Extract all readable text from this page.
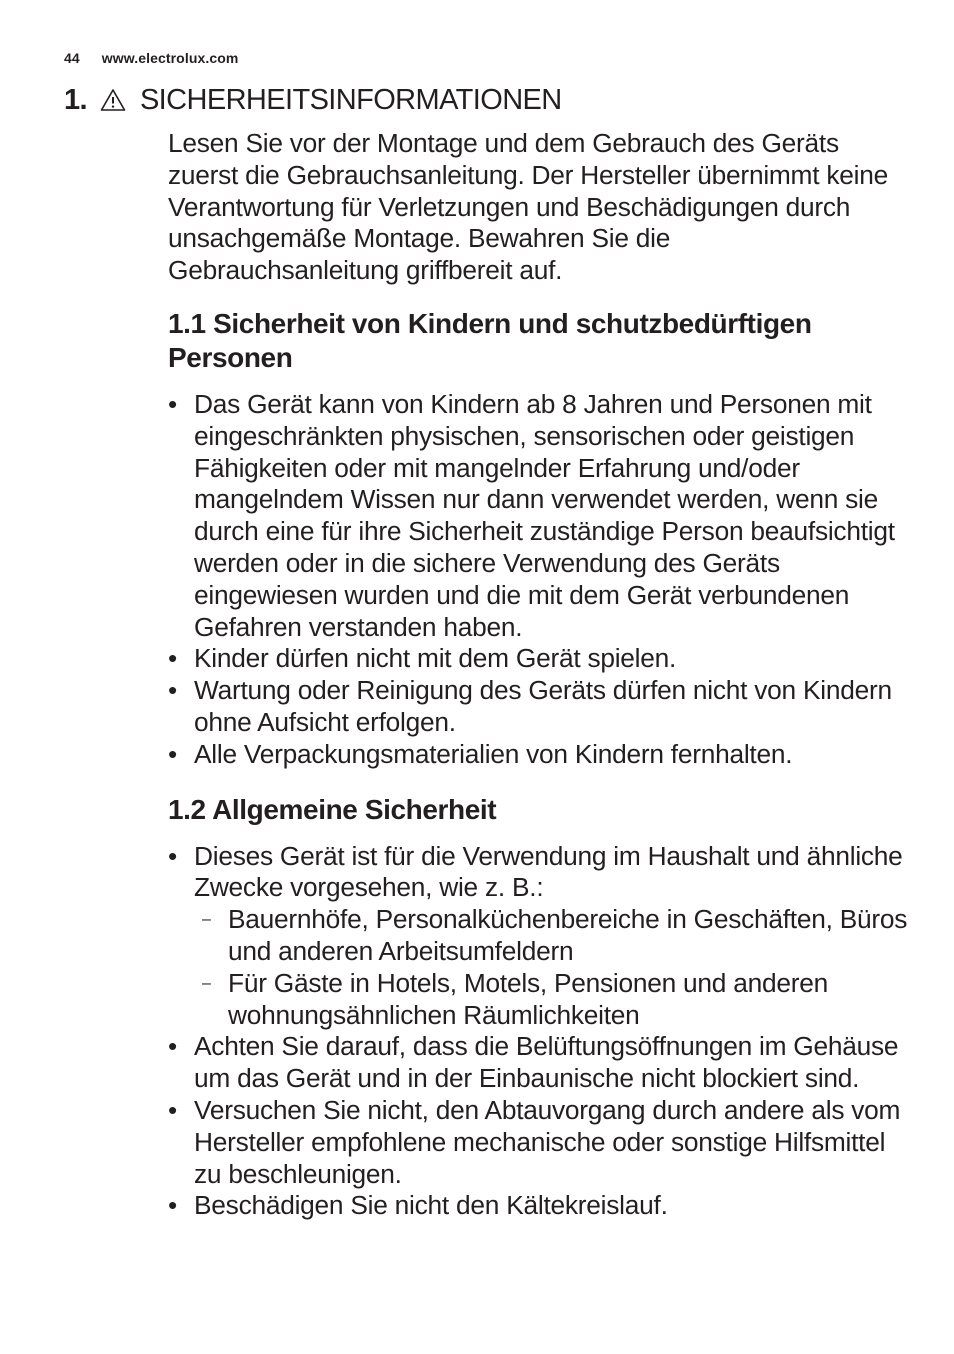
44 www.electrolux.com
1. SICHERHEITSINFORMATIONEN

Lesen Sie vor der Montage und dem Gebrauch des Geräts zuerst die Gebrauchsanleitung. Der Hersteller übernimmt keine Verantwortung für Verletzungen und Beschädigungen durch unsachgemäße Montage. Bewahren Sie die Gebrauchsanleitung griffbereit auf.

1.1 Sicherheit von Kindern und schutzbedürftigen Personen
• Das Gerät kann von Kindern ab 8 Jahren und Personen mit eingeschränkten physischen, sensorischen oder geistigen Fähigkeiten oder mit mangelnder Erfahrung und/oder mangelndem Wissen nur dann verwendet werden, wenn sie durch eine für ihre Sicherheit zuständige Person beaufsichtigt werden oder in die sichere Verwendung des Geräts eingewiesen wurden und die mit dem Gerät verbundenen Gefahren verstanden haben.
• Kinder dürfen nicht mit dem Gerät spielen.
• Wartung oder Reinigung des Geräts dürfen nicht von Kindern ohne Aufsicht erfolgen.
• Alle Verpackungsmaterialien von Kindern fernhalten.
1.2 Allgemeine Sicherheit
• Dieses Gerät ist für die Verwendung im Haushalt und ähnliche Zwecke vorgesehen, wie z. B.:
– Bauernhöfe, Personalküchenbereiche in Geschäften, Büros und anderen Arbeitsumfeldern
– Für Gäste in Hotels, Motels, Pensionen und anderen wohnungsähnlichen Räumlichkeiten
• Achten Sie darauf, dass die Belüftungsöffnungen im Gehäuse um das Gerät und in der Einbaunische nicht blockiert sind.
• Versuchen Sie nicht, den Abtauvorgang durch andere als vom Hersteller empfohlene mechanische oder sonstige Hilfsmittel zu beschleunigen.
• Beschädigen Sie nicht den Kältekreislauf.
